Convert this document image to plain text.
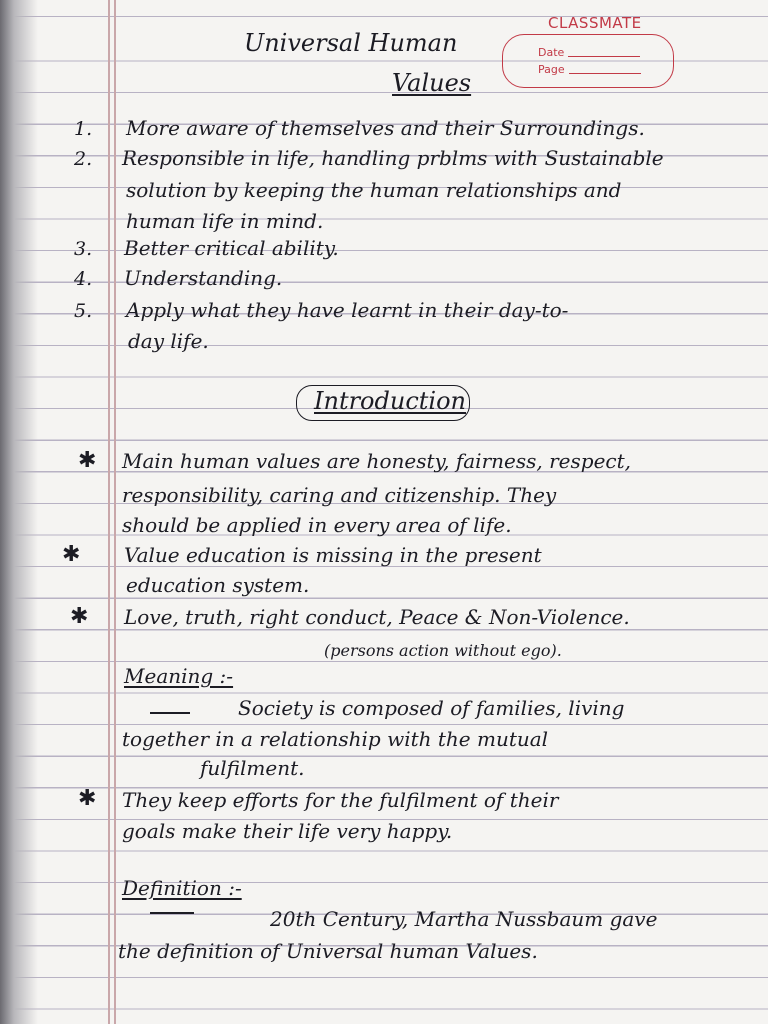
CLASSMATE
Date
Page
Universal Human
Values
1. More aware of themselves and their Surroundings.
2. Responsible in life, handling prblms with Sustainable
solution by keeping the human relationships and
human life in mind.
3. Better critical ability.
4. Understanding.
5. Apply what they have learnt in their day-to-
day life.
Introduction
✱ Main human values are honesty, fairness, respect,
responsibility, caring and citizenship. They
should be applied in every area of life.
✱ Value education is missing in the present
education system.
✱ Love, truth, right conduct, Peace & Non-Violence.
(persons action without ego).
Meaning :-
Society is composed of families, living
together in a relationship with the mutual
fulfilment.
✱ They keep efforts for the fulfilment of their
goals make their life very happy.
Definition :-
20th Century, Martha Nussbaum gave
the definition of Universal human Values.
